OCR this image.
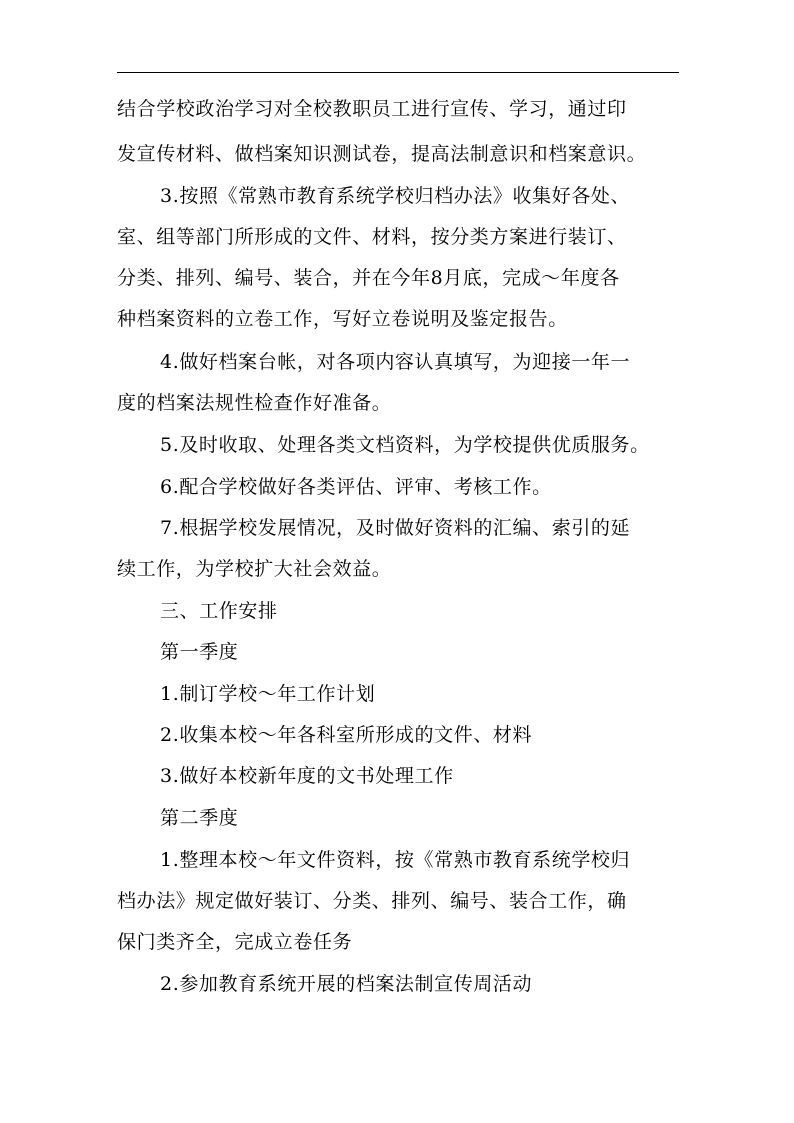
结合学校政治学习对全校教职员工进行宣传、学习，通过印
发宣传材料、做档案知识测试卷，提高法制意识和档案意识。
3.按照《常熟市教育系统学校归档办法》收集好各处、
室、组等部门所形成的文件、材料，按分类方案进行装订、
分类、排列、编号、装合，并在今年8月底，完成～年度各
种档案资料的立卷工作，写好立卷说明及鉴定报告。
4.做好档案台帐，对各项内容认真填写，为迎接一年一
度的档案法规性检查作好准备。
5.及时收取、处理各类文档资料，为学校提供优质服务。
6.配合学校做好各类评估、评审、考核工作。
7.根据学校发展情况，及时做好资料的汇编、索引的延
续工作，为学校扩大社会效益。
三、工作安排
第一季度
1.制订学校～年工作计划
2.收集本校～年各科室所形成的文件、材料
3.做好本校新年度的文书处理工作
第二季度
1.整理本校～年文件资料，按《常熟市教育系统学校归
档办法》规定做好装订、分类、排列、编号、装合工作，确
保门类齐全，完成立卷任务
2.参加教育系统开展的档案法制宣传周活动
